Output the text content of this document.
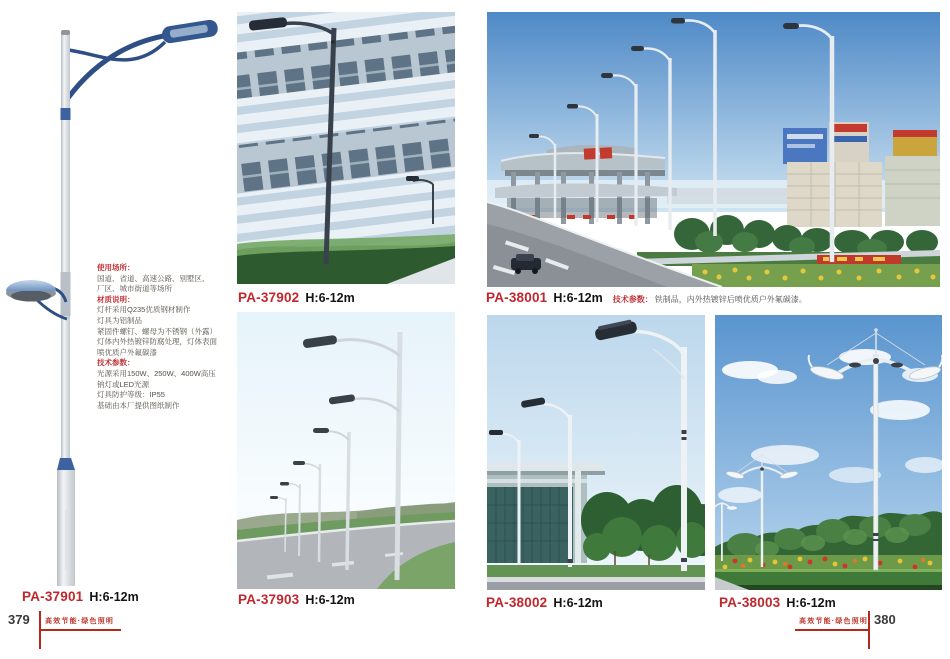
使用场所：
国道、省道、高速公路、别墅区、
厂区、城市街道等场所
材质说明：
灯杆采用Q235优质钢材制作
灯具为铝制品
紧固件螺钉、螺母为不锈钢（外露）
灯体内外热镀锌防腐处理，灯体表面
喷优质户外氟碳漆
技术参数：
光源采用150W、250W、400W高压
钠灯或LED光源
灯具防护等级：IP55
基础由本厂提供图纸制作
PA-37901 H:6-12m
PA-37902 H:6-12m
PA-37903 H:6-12m
PA-38001 H:6-12m 技术参数： 铁制品，内外热镀锌后喷优质户外氟碳漆。
PA-38002 H:6-12m	PA-38003 H:6-12m
379 高效节能·绿色照明	高效节能·绿色照明 380
